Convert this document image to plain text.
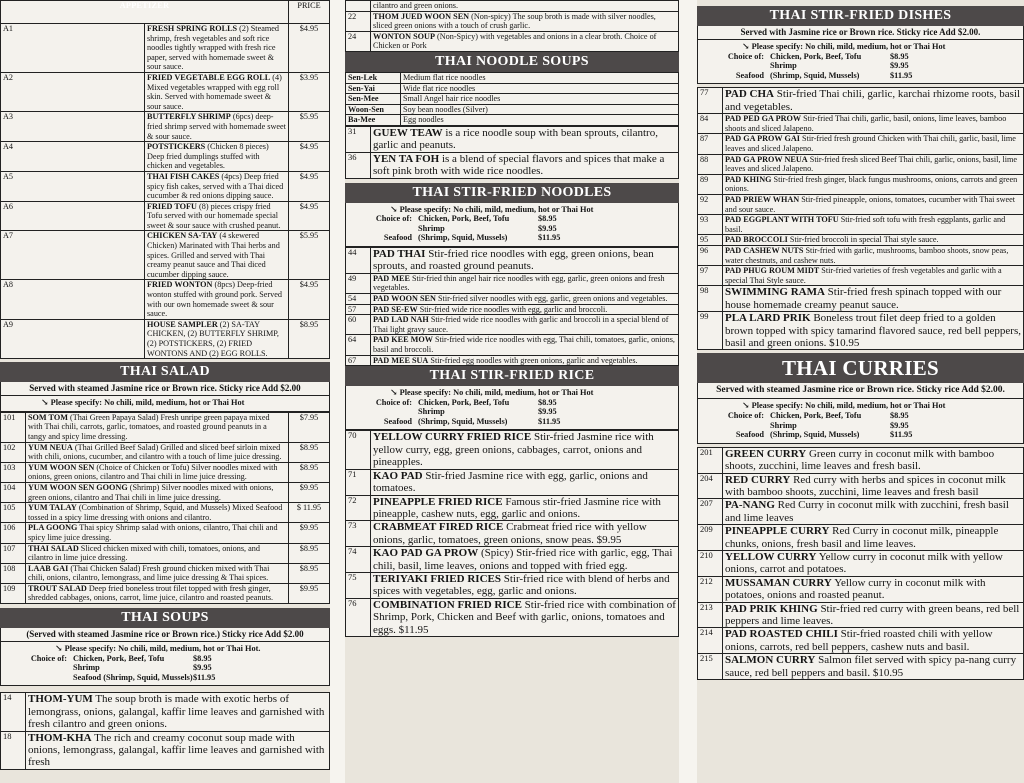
APPETIZER		PRICE
A1	FRESH SPRING ROLLS (2) Steamed shrimp, fresh vegetables and soft rice noodles tightly wrapped with fresh rice paper, served with homemade sweet & sour sauce.	$4.95
A2	FRIED VEGETABLE EGG ROLL (4) Mixed vegetables wrapped with egg roll skin. Served with homemade sweet & sour sauce.	$3.95
A3	BUTTERFLY SHRIMP (6pcs) deep-fried shrimp served with homemade sweet & sour sauce.	$5.95
A4	POTSTICKERS (Chicken 8 pieces) Deep fried dumplings stuffed with chicken and vegetables.	$4.95
A5	THAI FISH CAKES (4pcs) Deep fried spicy fish cakes, served with a Thai diced cucumber & red onions dipping sauce.	$4.95
A6	FRIED TOFU (8) pieces crispy fried Tofu served with our homemade special sweet & sour sauce with crushed peanut.	$4.95
A7	CHICKEN SA-TAY (4 skewered Chicken) Marinated with Thai herbs and spices. Grilled and served with Thai creamy peanut sauce and Thai diced cucumber dipping sauce.	$5.95
A8	FRIED WONTON (8pcs) Deep-fried wonton stuffed with ground pork. Served with our own homemade sweet & sour sauce.	$4.95
A9	HOUSE SAMPLER (2) SA-TAY CHICKEN, (2) BUTTERFLY SHRIMP, (2) POTSTICKERS, (2) FRIED WONTONS AND (2) EGG ROLLS.	$8.95
THAI SALAD
Served with steamed Jasmine rice or Brown rice. Sticky rice Add $2.00
↘ Please specify: No chili, mild, medium, hot or Thai Hot
101	SOM TOM (Thai Green Papaya Salad) Fresh unripe green papaya mixed with Thai chili, carrots, garlic, tomatoes, and roasted ground peanuts in a tangy and spicy lime dressing.	$7.95
102	YUM NEUA (Thai Grilled Beef Salad) Grilled and sliced beef sirloin mixed with chili, onions, cucumber, and cilantro with a touch of lime juice dressing.	$8.95
103	YUM WOON SEN (Choice of Chicken or Tofu) Silver noodles mixed with onions, green onions, cilantro and Thai chili in lime juice dressing.	$8.95
104	YUM WOON SEN GOONG (Shrimp) Silver noodles mixed with onions, green onions, cilantro and Thai chili in lime juice dressing.	$9.95
105	YUM TALAY (Combination of Shrimp, Squid, and Mussels) Mixed Seafood tossed in a spicy lime dressing with onions and cilantro.	$ 11.95
106	PLA GOONG Thai spicy Shrimp salad with onions, cilantro, Thai chili and spicy lime juice dressing.	$9.95
107	THAI SALAD Sliced chicken mixed with chili, tomatoes, onions, and cilantro in lime juice dressing.	$8.95
108	LAAB GAI (Thai Chicken Salad) Fresh ground chicken mixed with Thai chili, onions, cilantro, lemongrass, and lime juice dressing & Thai spices.	$8.95
109	TROUT SALAD Deep fried boneless trout filet topped with fresh ginger, shredded cabbages, onions, carrot, lime juice, cilantro and roasted peanuts.	$9.95
THAI SOUPS
(Served with steamed Jasmine rice or Brown rice.) Sticky rice Add $2.00
↘ Please specify: No chili, mild, medium, hot or Thai Hot.
Choice of: Chicken, Pork, Beef, Tofu	$8.95
Shrimp	$9.95
Seafood (Shrimp, Squid, Mussels) $11.95
14	THOM-YUM The soup broth is made with exotic herbs of lemongrass, onions, galangal, kaffir lime leaves and garnished with fresh cilantro and green onions.
18	THOM-KHA The rich and creamy coconut soup made with onions, lemongrass, galangal, kaffir lime leaves and garnished with fresh
	cilantro and green onions.
22	THOM JUED WOON SEN (Non-spicy) The soup broth is made with silver noodles, sliced green onions with a touch of crush garlic.
24	WONTON SOUP (Non-Spicy) with vegetables and onions in a clear broth. Choice of Chicken or Pork
THAI NOODLE SOUPS
Sen-Lek	Medium flat rice noodles
Sen-Yai	Wide flat rice noodles
Sen-Mee	Small Angel hair rice noodles
Woon-Sen	Soy bean noodles (Silver)
Ba-Mee	Egg noodles
31	GUEW TEAW is a rice noodle soup with bean sprouts, cilantro, garlic and peanuts.
36	YEN TA FOH is a blend of special flavors and spices that make a soft pink broth with wide rice noodles.
THAI STIR-FRIED NOODLES
↘ Please specify: No chili, mild, medium, hot or Thai Hot
Choice of: Chicken, Pork, Beef, Tofu	$8.95
Shrimp	$9.95
Seafood (Shrimp, Squid, Mussels)	$11.95
44	PAD THAI Stir-fried rice noodles with egg, green onions, bean sprouts, and roasted ground peanuts.
49	PAD MEE Stir-fried thin angel hair rice noodles with egg, garlic, green onions and fresh vegetables.
54	PAD WOON SEN Stir-fried silver noodles with egg, garlic, green onions and vegetables.
57	PAD SE-EW Stir-fried wide rice noodles with egg, garlic and broccoli.
60	PAD LAD NAH Stir-fried wide rice noodles with garlic and broccoli in a special blend of Thai light gravy sauce.
64	PAD KEE MOW Stir-fried wide rice noodles with egg, Thai chili, tomatoes, garlic, onions, basil and broccoli.
67	PAD MEE SUA Stir-fried egg noodles with green onions, garlic and vegetables.
THAI STIR-FRIED RICE
↘ Please specify: No chili, mild, medium, hot or Thai Hot
Choice of: Chicken, Pork, Beef, Tofu	$8.95
Shrimp	$9.95
Seafood (Shrimp, Squid, Mussels)	$11.95
70	YELLOW CURRY FRIED RICE Stir-fried Jasmine rice with yellow curry, egg, green onions, cabbages, carrot, onions and pineapples.
71	KAO PAD Stir-fried Jasmine rice with egg, garlic, onions and tomatoes.
72	PINEAPPLE FRIED RICE Famous stir-fried Jasmine rice with pineapple, cashew nuts, egg, garlic and onions.
73	CRABMEAT FIRED RICE Crabmeat fried rice with yellow onions, garlic, tomatoes, green onions, snow peas. $9.95
74	KAO PAD GA PROW (Spicy) Stir-fried rice with garlic, egg, Thai chili, basil, lime leaves, onions and topped with fried egg.
75	TERIYAKI FRIED RICES Stir-fried rice with blend of herbs and spices with vegetables, egg, garlic and onions.
76	COMBINATION FRIED RICE Stir-fried rice with combination of Shrimp, Pork, Chicken and Beef with garlic, onions, tomatoes and eggs. $11.95
THAI STIR-FRIED DISHES
Served with Jasmine rice or Brown rice. Sticky rice Add $2.00.
↘ Please specify: No chili, mild, medium, hot or Thai Hot
Choice of: Chicken, Pork, Beef, Tofu	$8.95
Shrimp	$9.95
Seafood (Shrimp, Squid, Mussels)	$11.95
77	PAD CHA Stir-fried Thai chili, garlic, karchai rhizome roots, basil and vegetables.
84	PAD PED GA PROW Stir-fried Thai chili, garlic, basil, onions, lime leaves, bamboo shoots and sliced Jalapeno.
87	PAD GA PROW GAI Stir-fried fresh ground Chicken with Thai chili, garlic, basil, lime leaves and sliced Jalapeno.
88	PAD GA PROW NEUA Stir-fried fresh sliced Beef Thai chili, garlic, onions, basil, lime leaves and sliced Jalapeno.
89	PAD KHING Stir-fried fresh ginger, black fungus mushrooms, onions, carrots and green onions.
92	PAD PRIEW WHAN Stir-fried pineapple, onions, tomatoes, cucumber with Thai sweet and sour sauce.
93	PAD EGGPLANT WITH TOFU Stir-fried soft tofu with fresh eggplants, garlic and basil.
95	PAD BROCCOLI Stir-fried broccoli in special Thai style sauce.
96	PAD CASHEW NUTS Stir-fried with garlic, mushrooms, bamboo shoots, snow peas, water chestnuts, and cashew nuts.
97	PAD PHUG ROUM MIDT Stir-fried varieties of fresh vegetables and garlic with a special Thai Style sauce.
98	SWIMMING RAMA Stir-fried fresh spinach topped with our house homemade creamy peanut sauce.
99	PLA LARD PRIK Boneless trout filet deep fried to a golden brown topped with spicy tamarind flavored sauce, red bell peppers, basil and green onions. $10.95
THAI CURRIES
Served with steamed Jasmine rice or Brown rice. Sticky rice Add $2.00.
↘ Please specify: No chili, mild, medium, hot or Thai Hot
Choice of: Chicken, Pork, Beef, Tofu	$8.95
Shrimp	$9.95
Seafood (Shrimp, Squid, Mussels)	$11.95
201	GREEN CURRY Green curry in coconut milk with bamboo shoots, zucchini, lime leaves and fresh basil.
204	RED CURRY Red curry with herbs and spices in coconut milk with bamboo shoots, zucchini, lime leaves and fresh basil
207	PA-NANG Red Curry in coconut milk with zucchini, fresh basil and lime leaves
209	PINEAPPLE CURRY Red Curry in coconut milk, pineapple chunks, onions, fresh basil and lime leaves.
210	YELLOW CURRY Yellow curry in coconut milk with yellow onions, carrot and potatoes.
212	MUSSAMAN CURRY Yellow curry in coconut milk with potatoes, onions and roasted peanut.
213	PAD PRIK KHING Stir-fried red curry with green beans, red bell peppers and lime leaves.
214	PAD ROASTED CHILI Stir-fried roasted chili with yellow onions, carrots, red bell peppers, cashew nuts and basil.
215	SALMON CURRY Salmon filet served with spicy pa-nang curry sauce, red bell peppers and basil. $10.95
